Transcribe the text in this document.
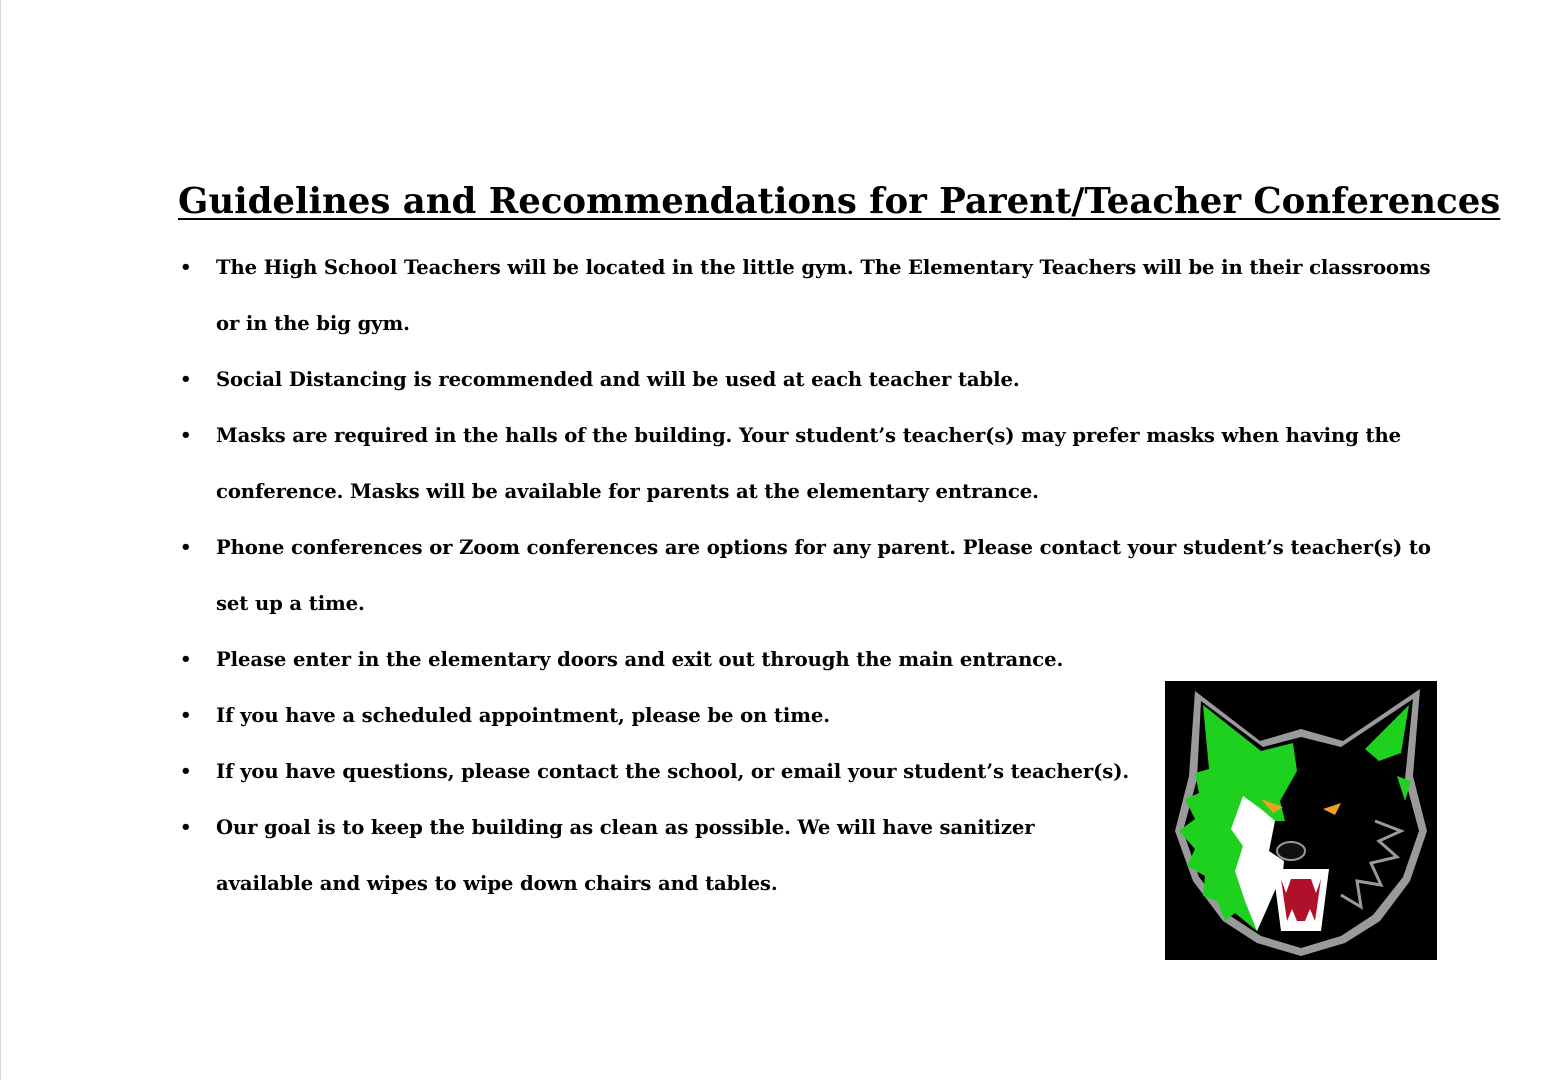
Guidelines and Recommendations for Parent/Teacher Conferences
•	The High School Teachers will be located in the little gym. The Elementary Teachers will be in their classrooms or in the big gym.
•	Social Distancing is recommended and will be used at each teacher table.
•	Masks are required in the halls of the building. Your student’s teacher(s) may prefer masks when having the conference. Masks will be available for parents at the elementary entrance.
•	Phone conferences or Zoom conferences are options for any parent. Please contact your student’s teacher(s) to set up a time.
•	Please enter in the elementary doors and exit out through the main entrance.
•	If you have a scheduled appointment, please be on time.
•	If you have questions, please contact the school, or email your student’s teacher(s).
•	Our goal is to keep the building as clean as possible. We will have sanitizer available and wipes to wipe down chairs and tables.
